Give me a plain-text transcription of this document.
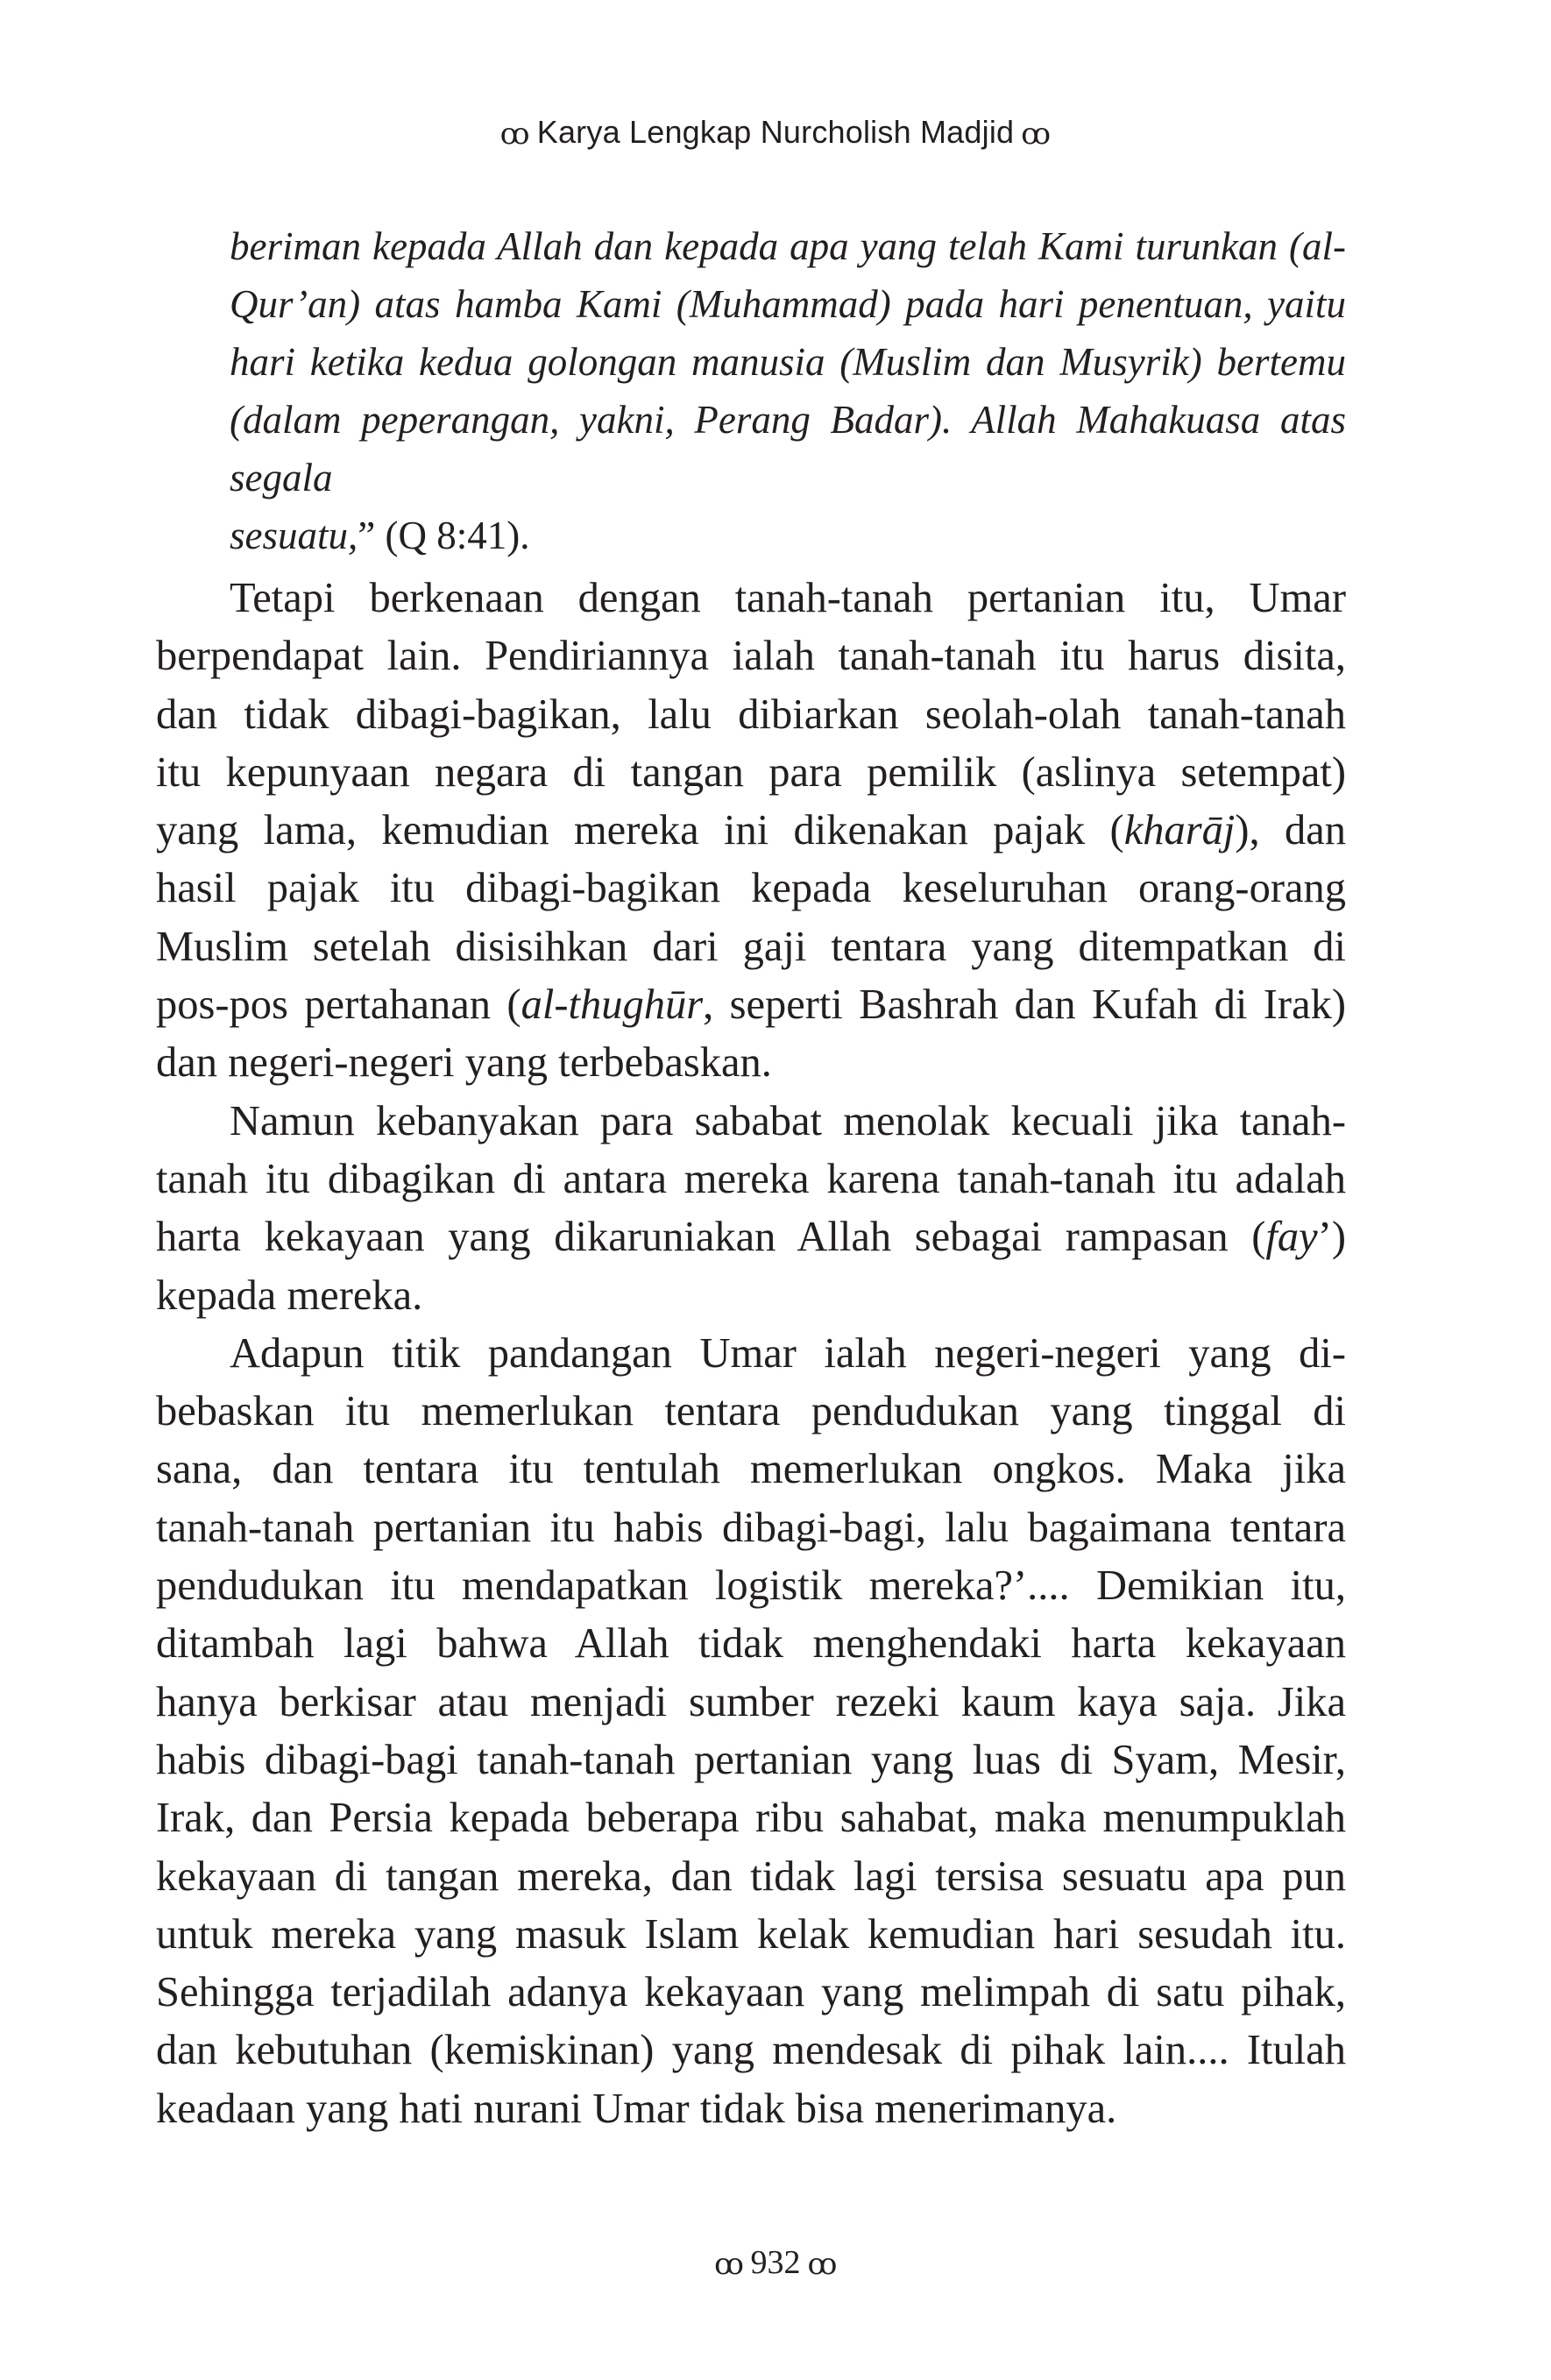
ꝏ Karya Lengkap Nurcholish Madjid ꝏ
beriman kepada Allah dan kepada apa yang telah Kami turunkan (al-
Qur’an) atas hamba Kami (Muhammad) pada hari penentuan, yaitu
hari ketika kedua golongan manusia (Muslim dan Musyrik) bertemu
(dalam peperangan, yakni, Perang Badar). Allah Mahakuasa atas segala
sesuatu,” (Q 8:41).
Tetapi berkenaan dengan tanah-tanah pertanian itu, Umar
berpendapat lain. Pendiriannya ialah tanah-tanah itu harus disita,
dan tidak dibagi-bagikan, lalu dibiarkan seolah-olah tanah-tanah
itu kepunyaan negara di tangan para pemilik (aslinya setempat)
yang lama, kemudian mereka ini dikenakan pajak (kharāj), dan
hasil pajak itu dibagi-bagikan kepada keseluruhan orang-orang
Muslim setelah disisihkan dari gaji tentara yang ditempatkan di
pos-pos pertahanan (al-thughūr, seperti Bashrah dan Kufah di Irak)
dan negeri-negeri yang terbebaskan.
Namun kebanyakan para sababat menolak kecuali jika tanah-
tanah itu dibagikan di antara mereka karena tanah-tanah itu adalah
harta kekayaan yang dikaruniakan Allah sebagai rampasan (fay’)
kepada mereka.
Adapun titik pandangan Umar ialah negeri-negeri yang di-
bebaskan itu memerlukan tentara pendudukan yang tinggal di
sana, dan tentara itu tentulah memerlukan ongkos. Maka jika
tanah-tanah pertanian itu habis dibagi-bagi, lalu bagaimana tentara
pendudukan itu mendapatkan logistik mereka?’.... Demikian itu,
ditambah lagi bahwa Allah tidak menghendaki harta kekayaan
hanya berkisar atau menjadi sumber rezeki kaum kaya saja. Jika
habis dibagi-bagi tanah-tanah pertanian yang luas di Syam, Mesir,
Irak, dan Persia kepada beberapa ribu sahabat, maka menumpuklah
kekayaan di tangan mereka, dan tidak lagi tersisa sesuatu apa pun
untuk mereka yang masuk Islam kelak kemudian hari sesudah itu.
Sehingga terjadilah adanya kekayaan yang melimpah di satu pihak,
dan kebutuhan (kemiskinan) yang mendesak di pihak lain.... Itulah
keadaan yang hati nurani Umar tidak bisa menerimanya.
ꝏ 932 ꝏ
